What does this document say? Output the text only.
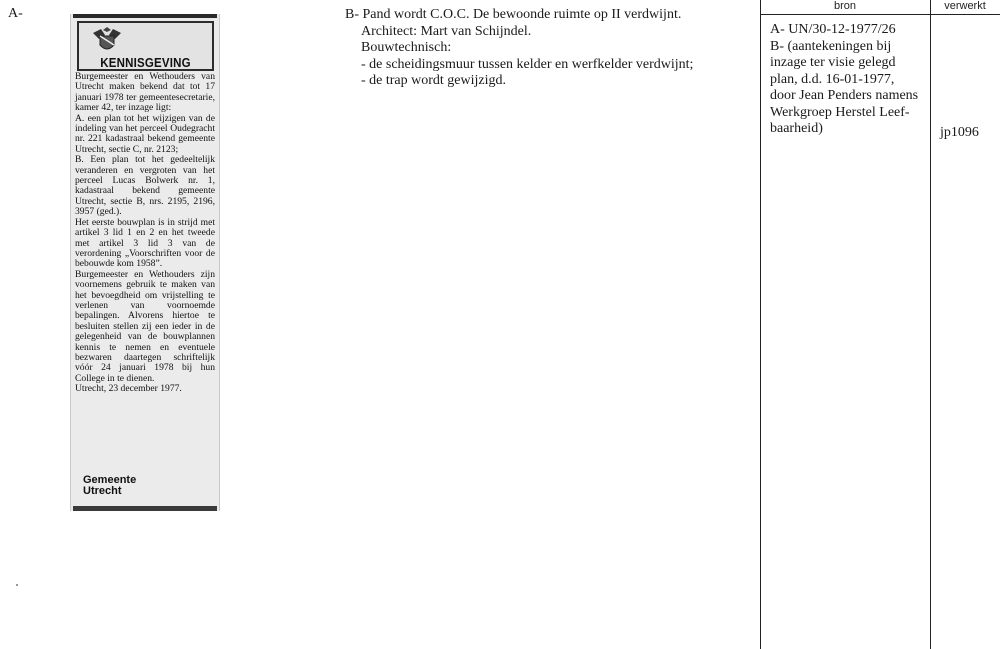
A-
KENNISGEVING

Burgemeester en Wethouders van Utrecht maken bekend dat tot 17 januari 1978 ter gemeentesecretarie, kamer 42, ter inzage ligt:

A. een plan tot het wijzigen van de indeling van het perceel Oudegracht nr. 221 kadastraal bekend gemeente Utrecht, sectie C, nr. 2123;

B. Een plan tot het gedeeltelijk veranderen en vergroten van het perceel Lucas Bolwerk nr. 1, kadastraal bekend gemeente Utrecht, sectie B, nrs. 2195, 2196, 3957 (ged.).

Het eerste bouwplan is in strijd met artikel 3 lid 1 en 2 en het tweede met artikel 3 lid 3 van de verordening „Voorschriften voor de bebouwde kom 1958”.

Burgemeester en Wethouders zijn voornemens gebruik te maken van het bevoegdheid om vrijstelling te verlenen van voornoemde bepalingen. Alvorens hiertoe te besluiten stellen zij een ieder in de gelegenheid van de bouwplannen kennis te nemen en eventuele bezwaren daartegen schriftelijk vóór 24 januari 1978 bij hun College in te dienen.

Utrecht, 23 december 1977.

Gemeente
Utrecht
B- Pand wordt C.O.C. De bewoonde ruimte op II verdwijnt.
Architect: Mart van Schijndel.
Bouwtechnisch:
- de scheidingsmuur tussen kelder en werfkelder verdwijnt;
- de trap wordt gewijzigd.
bron	verwerkt
A- UN/30-12-1977/26
B- (aantekeningen bij
inzage ter visie gelegd
plan, d.d. 16-01-1977,
door Jean Penders namens
Werkgroep Herstel Leef-
baarheid)	jp1096
